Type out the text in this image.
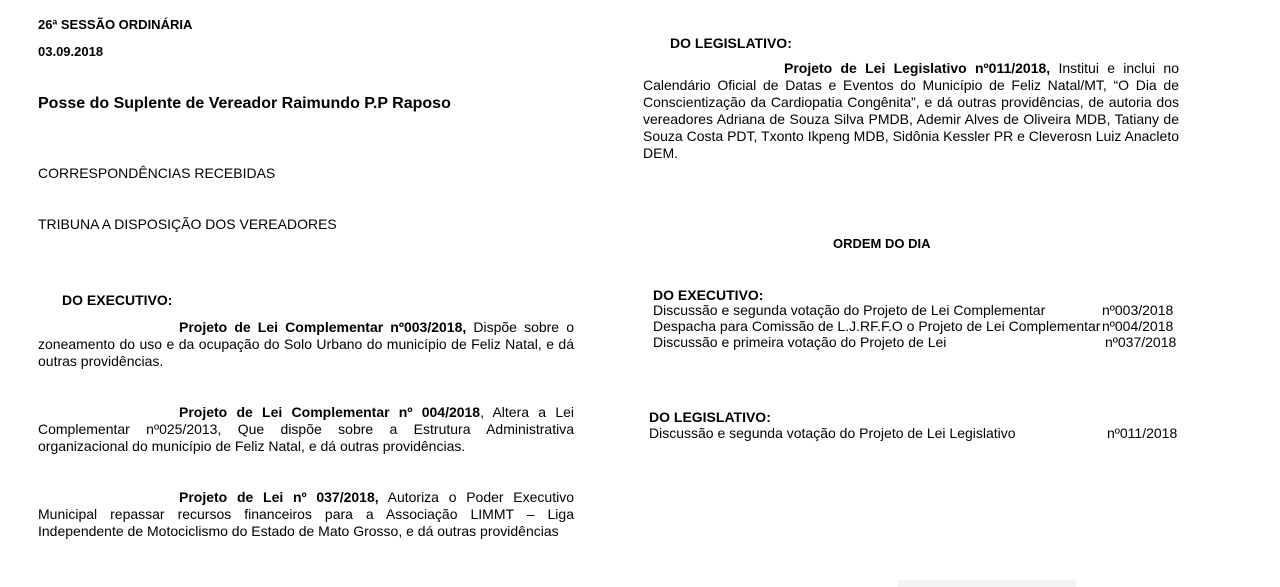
26ª SESSÃO ORDINÁRIA
03.09.2018
Posse do Suplente de Vereador Raimundo P.P Raposo
CORRESPONDÊNCIAS RECEBIDAS
TRIBUNA A DISPOSIÇÃO DOS VEREADORES
DO EXECUTIVO:
Projeto de Lei Complementar nº003/2018, Dispõe sobre o zoneamento do uso e da ocupação do Solo Urbano do município de Feliz Natal, e dá outras providências.
Projeto de Lei Complementar nº 004/2018, Altera a Lei Complementar nº025/2013, Que dispõe sobre a Estrutura Administrativa organizacional do município de Feliz Natal, e dá outras providências.
Projeto de Lei nº 037/2018, Autoriza o Poder Executivo Municipal repassar recursos financeiros para a Associação LIMMT – Liga Independente de Motociclismo do Estado de Mato Grosso, e dá outras providências
DO LEGISLATIVO:
Projeto de Lei Legislativo nº011/2018, Institui e inclui no Calendário Oficial de Datas e Eventos do Município de Feliz Natal/MT, “O Dia de Conscientização da Cardiopatia Congênita”, e dá outras providências, de autoria dos vereadores Adriana de Souza Silva PMDB, Ademir Alves de Oliveira MDB, Tatiany de Souza Costa PDT, Txonto Ikpeng MDB, Sidônia Kessler PR e Cleverosn Luiz Anacleto DEM.
ORDEM DO DIA
DO EXECUTIVO:
Discussão e segunda votação do Projeto de Lei Complementar	nº003/2018
Despacha para Comissão de L.J.RF.F.O o Projeto de Lei Complementar nº004/2018
Discussão e primeira votação do Projeto de Lei	nº037/2018
DO LEGISLATIVO:
Discussão e segunda votação do Projeto de Lei Legislativo	nº011/2018
